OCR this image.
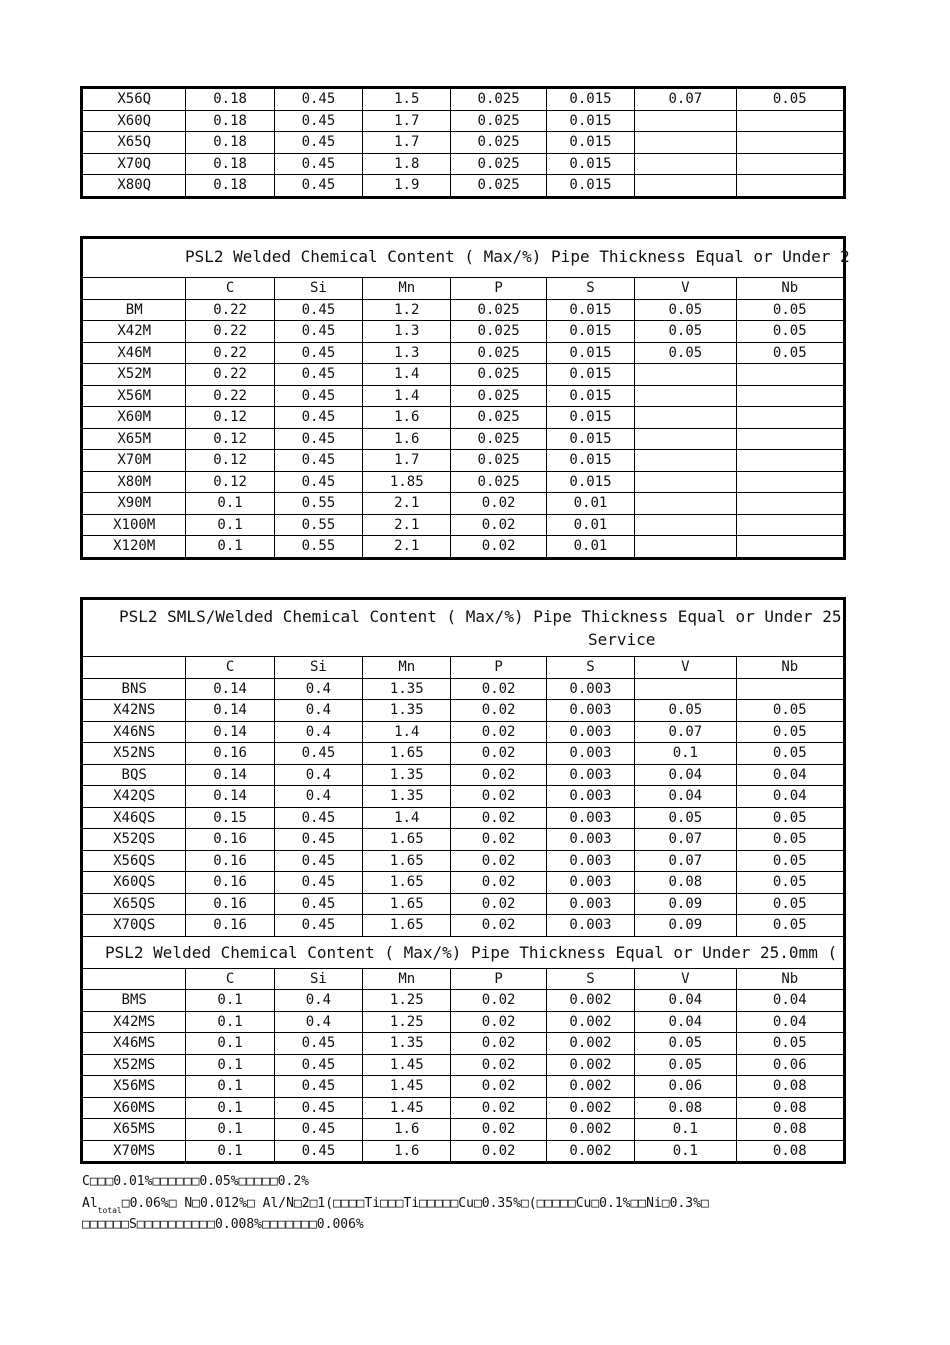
X56Q	0.18	0.45	1.5	0.025	0.015	0.07	0.05
X60Q	0.18	0.45	1.7	0.025	0.015		
X65Q	0.18	0.45	1.7	0.025	0.015		
X70Q	0.18	0.45	1.8	0.025	0.015		
X80Q	0.18	0.45	1.9	0.025	0.015		
PSL2 Welded Chemical Content ( Max/%) Pipe Thickness Equal or Under 2							

	C	Si	Mn	P	S	V	Nb
BM	0.22	0.45	1.2	0.025	0.015	0.05	0.05
X42M	0.22	0.45	1.3	0.025	0.015	0.05	0.05
X46M	0.22	0.45	1.3	0.025	0.015	0.05	0.05
X52M	0.22	0.45	1.4	0.025	0.015		
X56M	0.22	0.45	1.4	0.025	0.015		
X60M	0.12	0.45	1.6	0.025	0.015		
X65M	0.12	0.45	1.6	0.025	0.015		
X70M	0.12	0.45	1.7	0.025	0.015		
X80M	0.12	0.45	1.85	0.025	0.015		
X90M	0.1	0.55	2.1	0.02	0.01		
X100M	0.1	0.55	2.1	0.02	0.01		
X120M	0.1	0.55	2.1	0.02	0.01		
PSL2 SMLS/Welded Chemical Content ( Max/%) Pipe Thickness Equal or Under 25
Service							

	C	Si	Mn	P	S	V	Nb
BNS	0.14	0.4	1.35	0.02	0.003		
X42NS	0.14	0.4	1.35	0.02	0.003	0.05	0.05
X46NS	0.14	0.4	1.4	0.02	0.003	0.07	0.05
X52NS	0.16	0.45	1.65	0.02	0.003	0.1	0.05
BQS	0.14	0.4	1.35	0.02	0.003	0.04	0.04
X42QS	0.14	0.4	1.35	0.02	0.003	0.04	0.04
X46QS	0.15	0.45	1.4	0.02	0.003	0.05	0.05
X52QS	0.16	0.45	1.65	0.02	0.003	0.07	0.05
X56QS	0.16	0.45	1.65	0.02	0.003	0.07	0.05
X60QS	0.16	0.45	1.65	0.02	0.003	0.08	0.05
X65QS	0.16	0.45	1.65	0.02	0.003	0.09	0.05
X70QS	0.16	0.45	1.65	0.02	0.003	0.09	0.05

PSL2 Welded Chemical Content ( Max/%) Pipe Thickness Equal or Under 25.0mm (							

	C	Si	Mn	P	S	V	Nb
BMS	0.1	0.4	1.25	0.02	0.002	0.04	0.04
X42MS	0.1	0.4	1.25	0.02	0.002	0.04	0.04
X46MS	0.1	0.45	1.35	0.02	0.002	0.05	0.05
X52MS	0.1	0.45	1.45	0.02	0.002	0.05	0.06
X56MS	0.1	0.45	1.45	0.02	0.002	0.06	0.08
X60MS	0.1	0.45	1.45	0.02	0.002	0.08	0.08
X65MS	0.1	0.45	1.6	0.02	0.002	0.1	0.08
X70MS	0.1	0.45	1.6	0.02	0.002	0.1	0.08
C□□□0.01%□□□□□□0.05%□□□□□0.2%
$Al_{total}□0.06\%□$ N□0.012%□ Al/N□2□1(□□□□Ti□□□Ti□□□□□Cu□0.35%□(□□□□□Cu□0.1%□□Ni□0.3%□
□□□□□□S□□□□□□□□□□0.008%□□□□□□□0.006%
